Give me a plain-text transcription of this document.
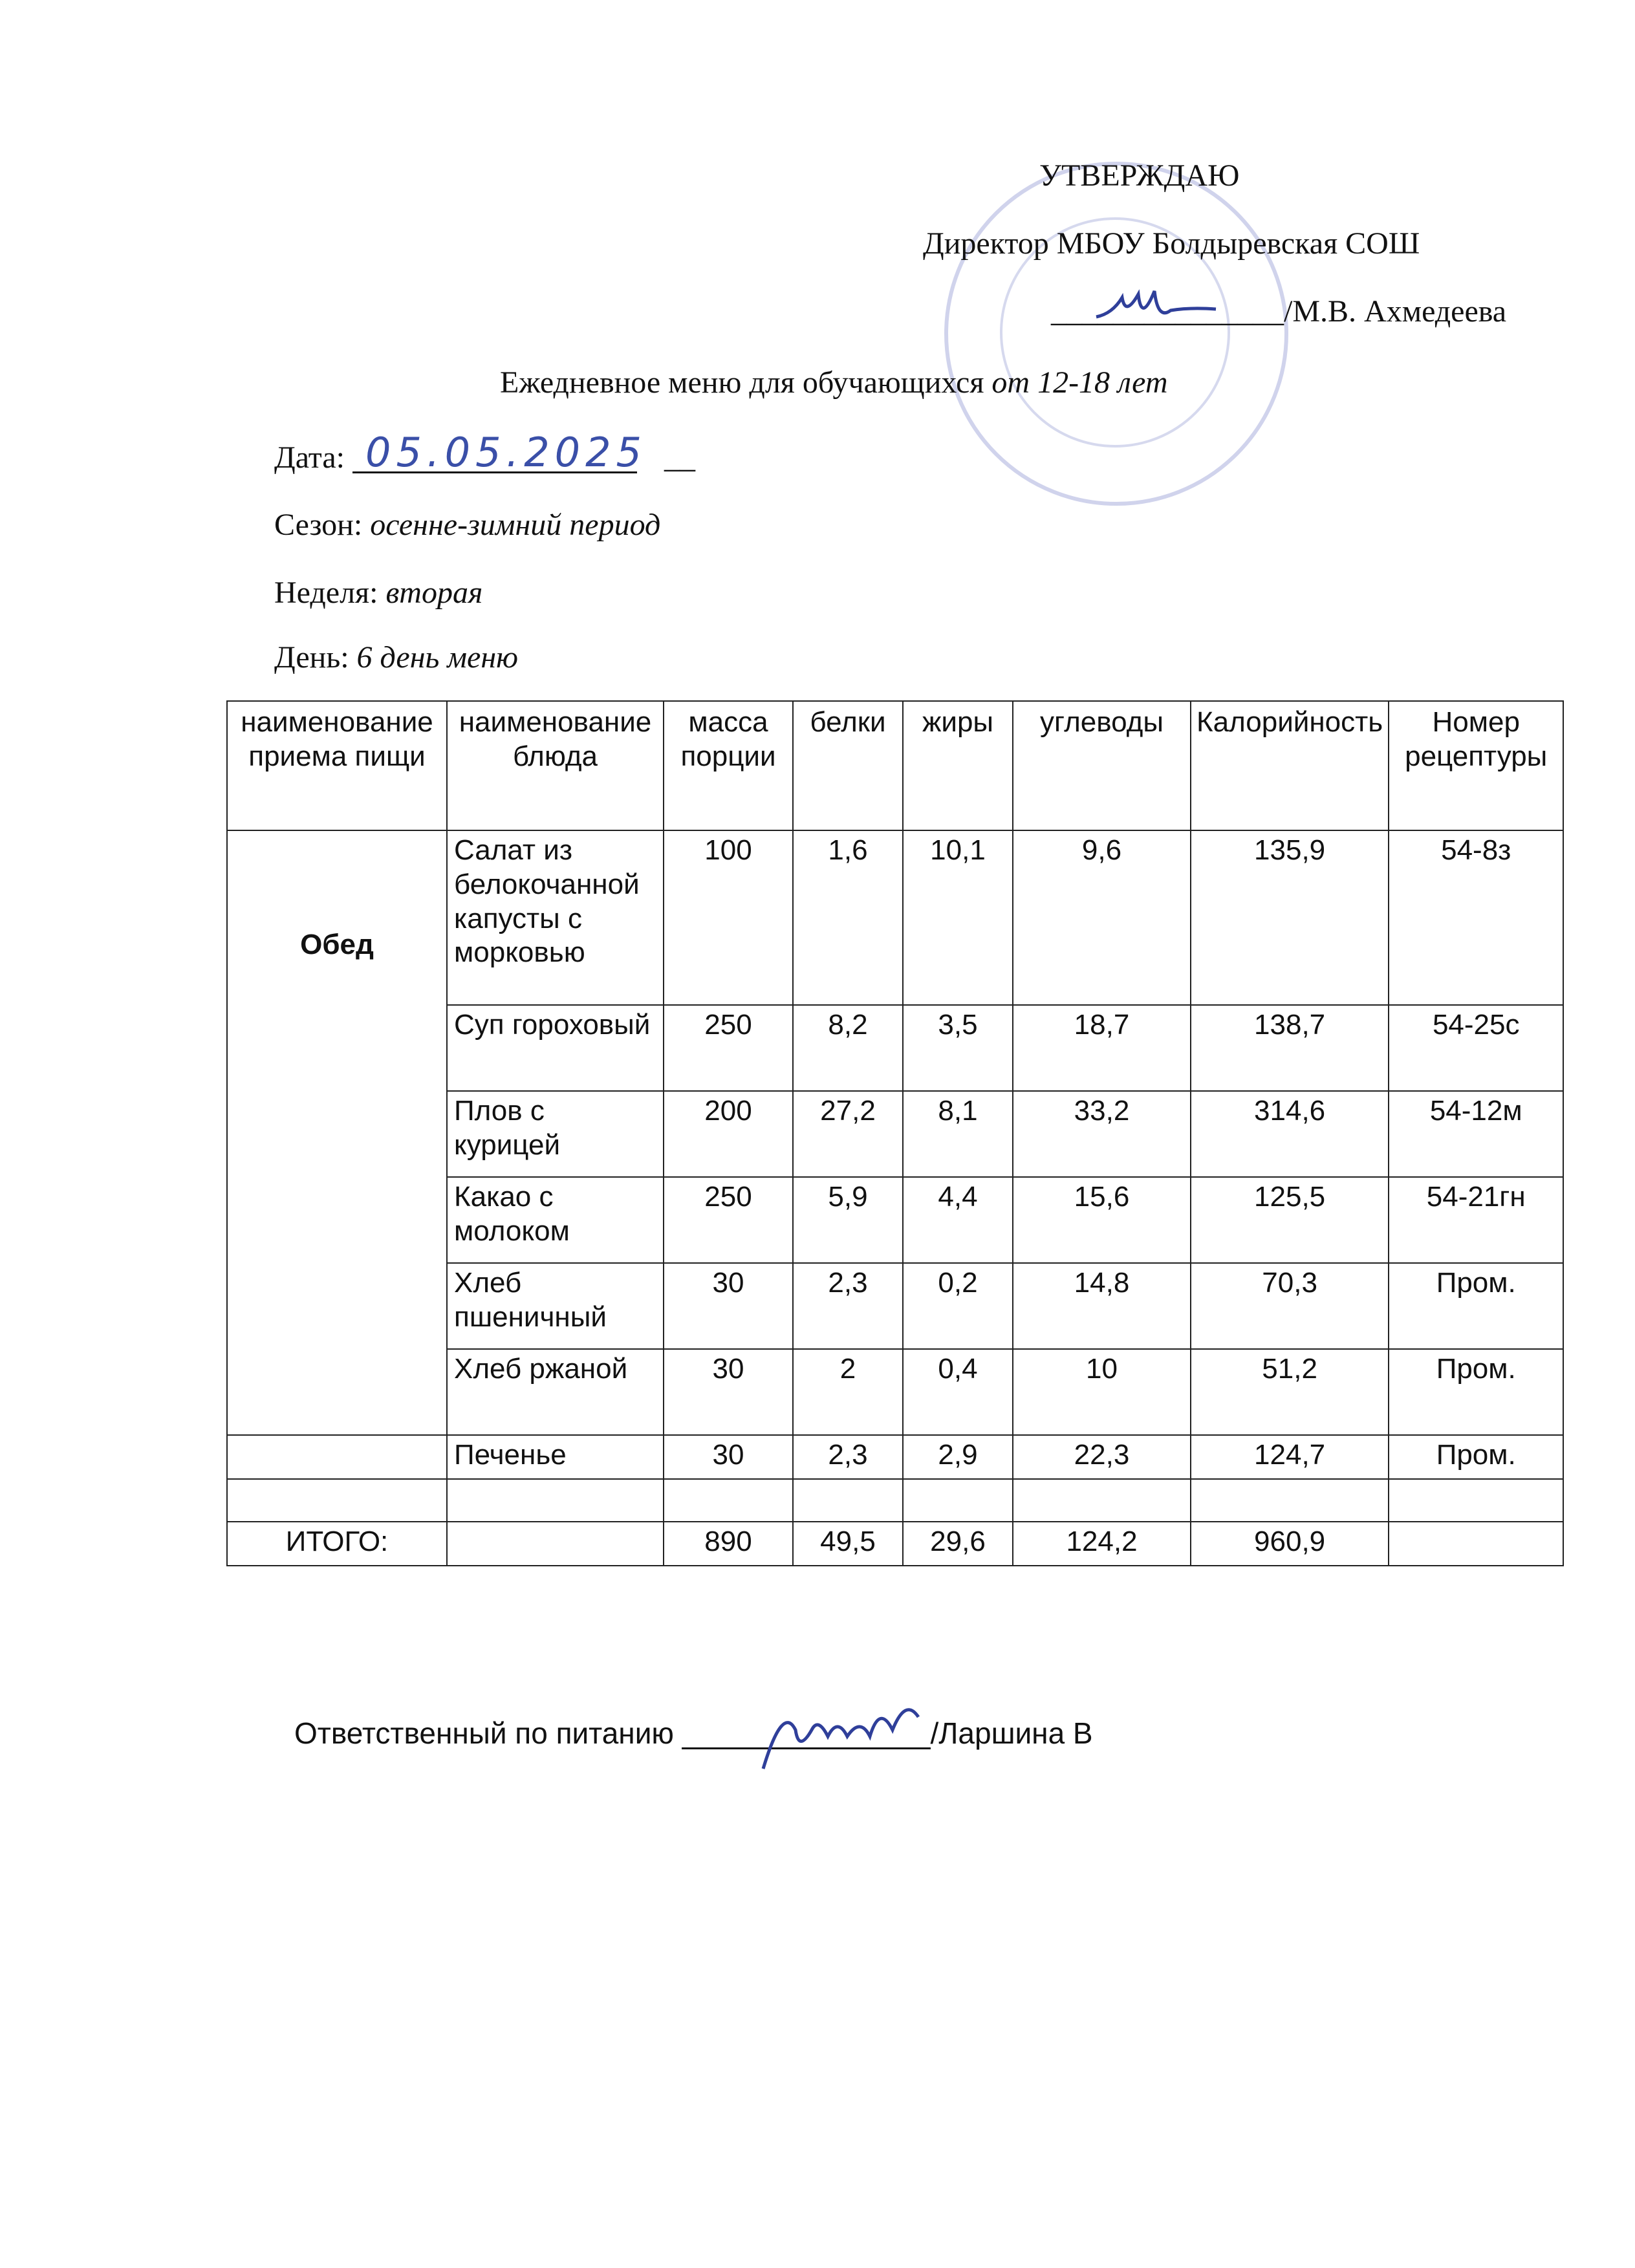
УТВЕРЖДАЮ
Директор МБОУ Болдыревская СОШ
_______________/М.В. Ахмедеева
Ежедневное меню для обучающихся от 12-18 лет
Дата: 05.05.2025 __
Сезон: осенне-зимний период
Неделя: вторая
День: 6 день меню
наименование приема пищи	наименование блюда	масса порции	белки	жиры	углеводы	Калорийность	Номер рецептуры
Обед	Салат из белокочанной капусты с морковью	100	1,6	10,1	9,6	135,9	54-8з
	Суп гороховый	250	8,2	3,5	18,7	138,7	54-25с
	Плов с курицей	200	27,2	8,1	33,2	314,6	54-12м
	Какао с молоком	250	5,9	4,4	15,6	125,5	54-21гн
	Хлеб пшеничный	30	2,3	0,2	14,8	70,3	Пром.
	Хлеб ржаной	30	2	0,4	10	51,2	Пром.
	Печенье	30	2,3	2,9	22,3	124,7	Пром.

ИТОГО:		890	49,5	29,6	124,2	960,9	
Ответственный по питанию _______________/Ларшина В
